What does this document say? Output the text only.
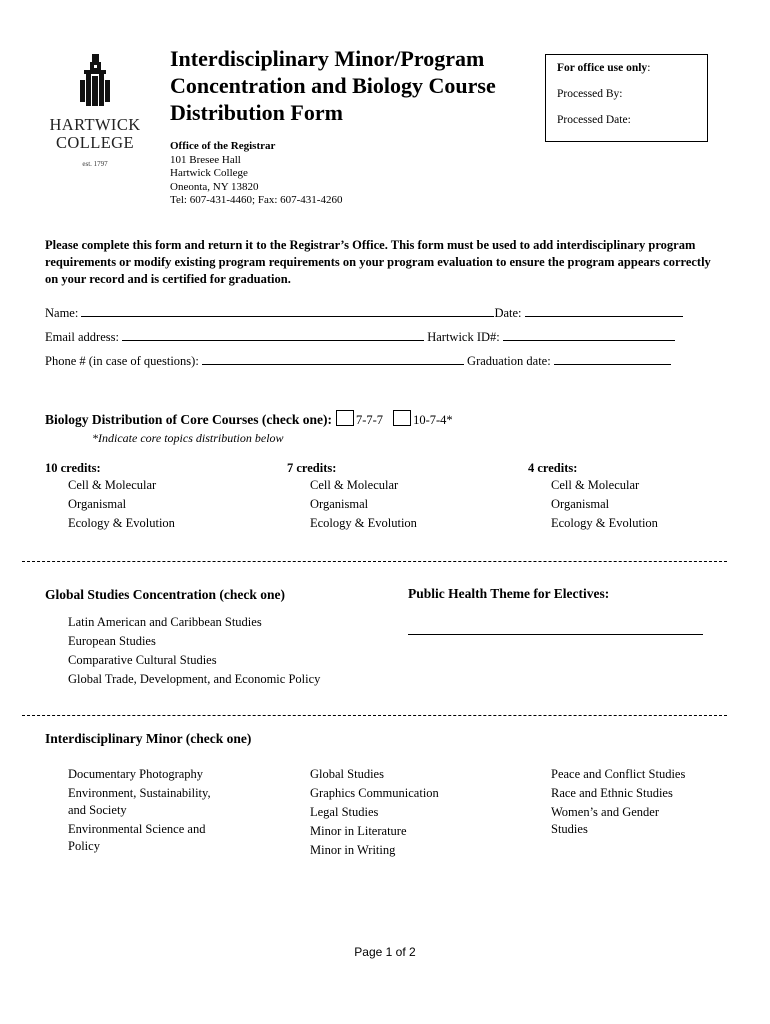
HARTWICK
COLLEGE
est. 1797
Interdisciplinary Minor/Program
Concentration and Biology Course
Distribution Form
For office use only:
Processed By:
Processed Date:
Office of the Registrar
101 Bresee Hall
Hartwick College
Oneonta, NY 13820
Tel: 607-431-4460; Fax: 607-431-4260
Please complete this form and return it to the Registrar’s Office. This form must be used to add interdisciplinary program requirements or modify existing program requirements on your program evaluation to ensure the program appears correctly on your record and is certified for graduation.
Name:	Date:
Email address:	Hartwick ID#:
Phone # (in case of questions):	Graduation date:
Biology Distribution of Core Courses (check one): 7-7-7 10-7-4*
*Indicate core topics distribution below
10 credits:
Cell & Molecular
Organismal
Ecology & Evolution
7 credits:
Cell & Molecular
Organismal
Ecology & Evolution
4 credits:
Cell & Molecular
Organismal
Ecology & Evolution
Global Studies Concentration (check one)
Latin American and Caribbean Studies
European Studies
Comparative Cultural Studies
Global Trade, Development, and Economic Policy
Public Health Theme for Electives:
Interdisciplinary Minor (check one)
Documentary Photography
Environment, Sustainability,
and Society
Environmental Science and
Policy
Global Studies
Graphics Communication
Legal Studies
Minor in Literature
Minor in Writing
Peace and Conflict Studies
Race and Ethnic Studies
Women’s and Gender
Studies
Page 1 of 2
